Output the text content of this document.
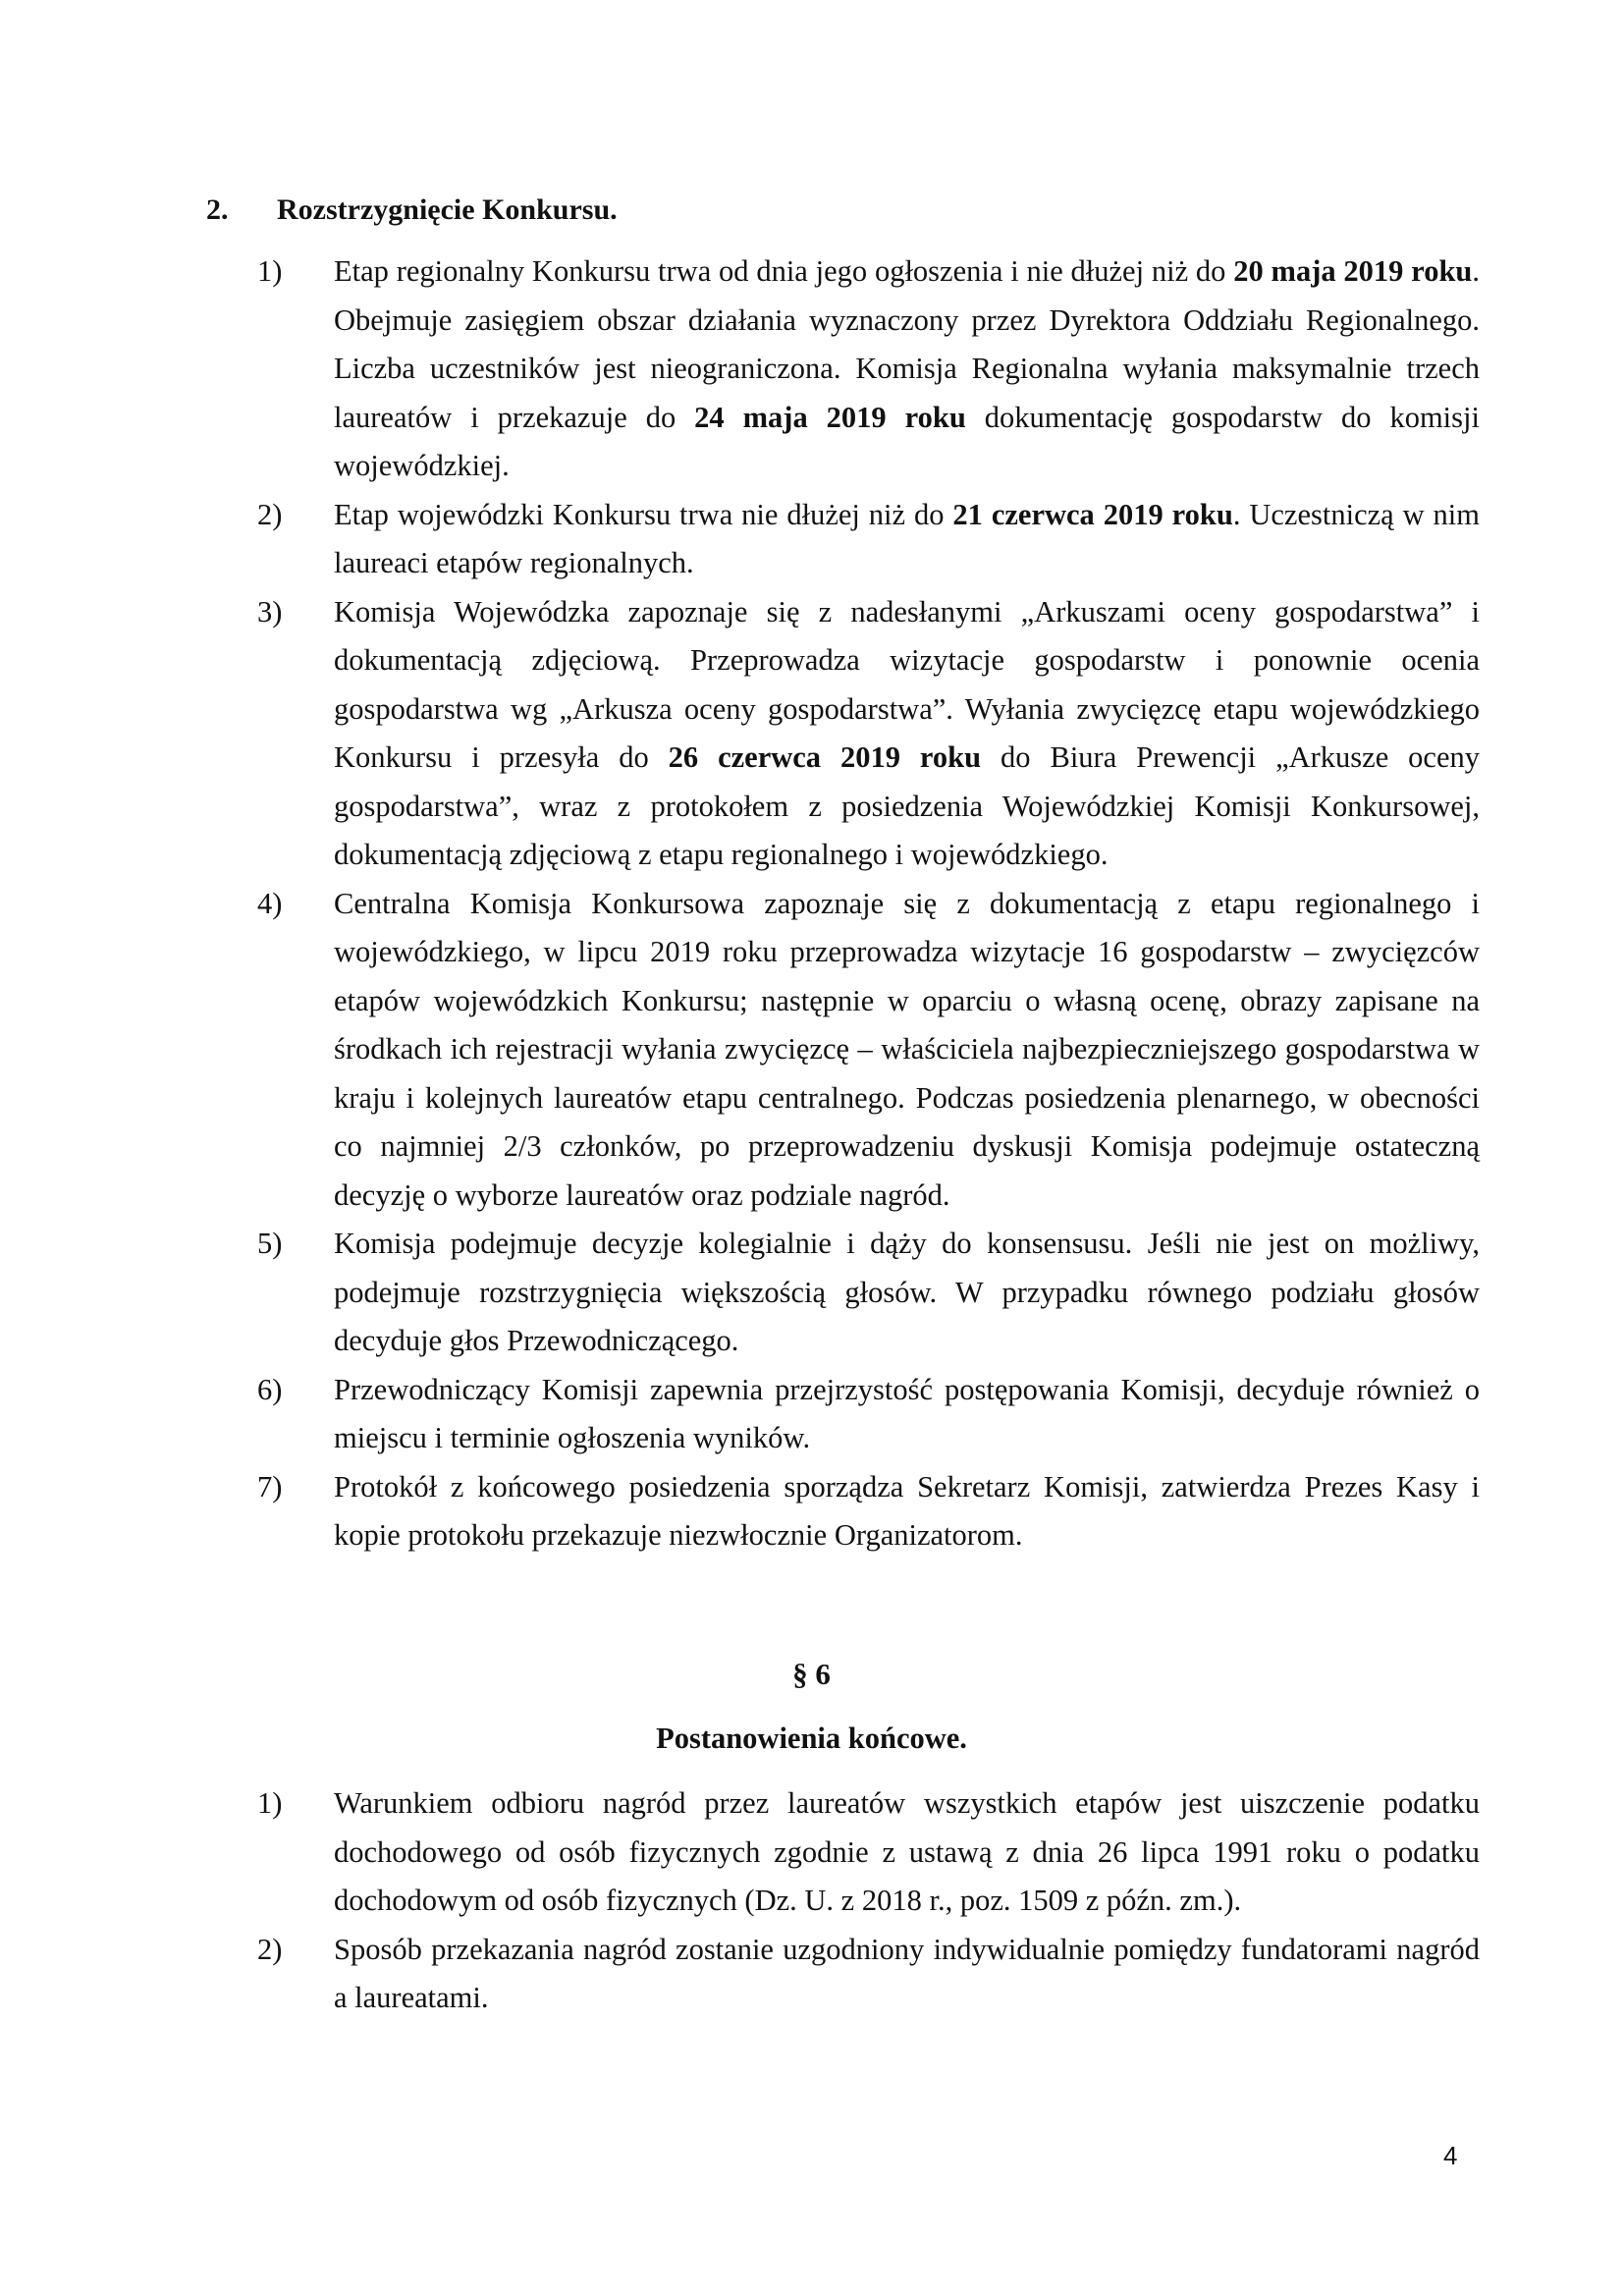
2. Rozstrzygnięcie Konkursu.
1)	Etap regionalny Konkursu trwa od dnia jego ogłoszenia i nie dłużej niż do 20 maja 2019 roku. Obejmuje zasięgiem obszar działania wyznaczony przez Dyrektora Oddziału Regionalnego. Liczba uczestników jest nieograniczona. Komisja Regionalna wyłania maksymalnie trzech laureatów i przekazuje do 24 maja 2019 roku dokumentację gospodarstw do komisji wojewódzkiej.
2)	Etap wojewódzki Konkursu trwa nie dłużej niż do 21 czerwca 2019 roku. Uczestniczą w nim laureaci etapów regionalnych.
3)	Komisja Wojewódzka zapoznaje się z nadesłanymi „Arkuszami oceny gospodarstwa” i dokumentacją zdjęciową. Przeprowadza wizytacje gospodarstw i ponownie ocenia gospodarstwa wg „Arkusza oceny gospodarstwa”. Wyłania zwycięzcę etapu wojewódzkiego Konkursu i przesyła do 26 czerwca 2019 roku do Biura Prewencji „Arkusze oceny gospodarstwa”, wraz z protokołem z posiedzenia Wojewódzkiej Komisji Konkursowej, dokumentacją zdjęciową z etapu regionalnego i wojewódzkiego.
4)	Centralna Komisja Konkursowa zapoznaje się z dokumentacją z etapu regionalnego i wojewódzkiego, w lipcu 2019 roku przeprowadza wizytacje 16 gospodarstw – zwycięzców etapów wojewódzkich Konkursu; następnie w oparciu o własną ocenę, obrazy zapisane na środkach ich rejestracji wyłania zwycięzcę – właściciela najbezpieczniejszego gospodarstwa w kraju i kolejnych laureatów etapu centralnego. Podczas posiedzenia plenarnego, w obecności co najmniej 2/3 członków, po przeprowadzeniu dyskusji Komisja podejmuje ostateczną decyzję o wyborze laureatów oraz podziale nagród.
5)	Komisja podejmuje decyzje kolegialnie i dąży do konsensusu. Jeśli nie jest on możliwy, podejmuje rozstrzygnięcia większością głosów. W przypadku równego podziału głosów decyduje głos Przewodniczącego.
6)	Przewodniczący Komisji zapewnia przejrzystość postępowania Komisji, decyduje również o miejscu i terminie ogłoszenia wyników.
7)	Protokół z końcowego posiedzenia sporządza Sekretarz Komisji, zatwierdza Prezes Kasy i kopie protokołu przekazuje niezwłocznie Organizatorom.
§ 6
Postanowienia końcowe.
1)	Warunkiem odbioru nagród przez laureatów wszystkich etapów jest uiszczenie podatku dochodowego od osób fizycznych zgodnie z ustawą z dnia 26 lipca 1991 roku o podatku dochodowym od osób fizycznych (Dz. U. z 2018 r., poz. 1509 z późn. zm.).
2)	Sposób przekazania nagród zostanie uzgodniony indywidualnie pomiędzy fundatorami nagród a laureatami.
4
